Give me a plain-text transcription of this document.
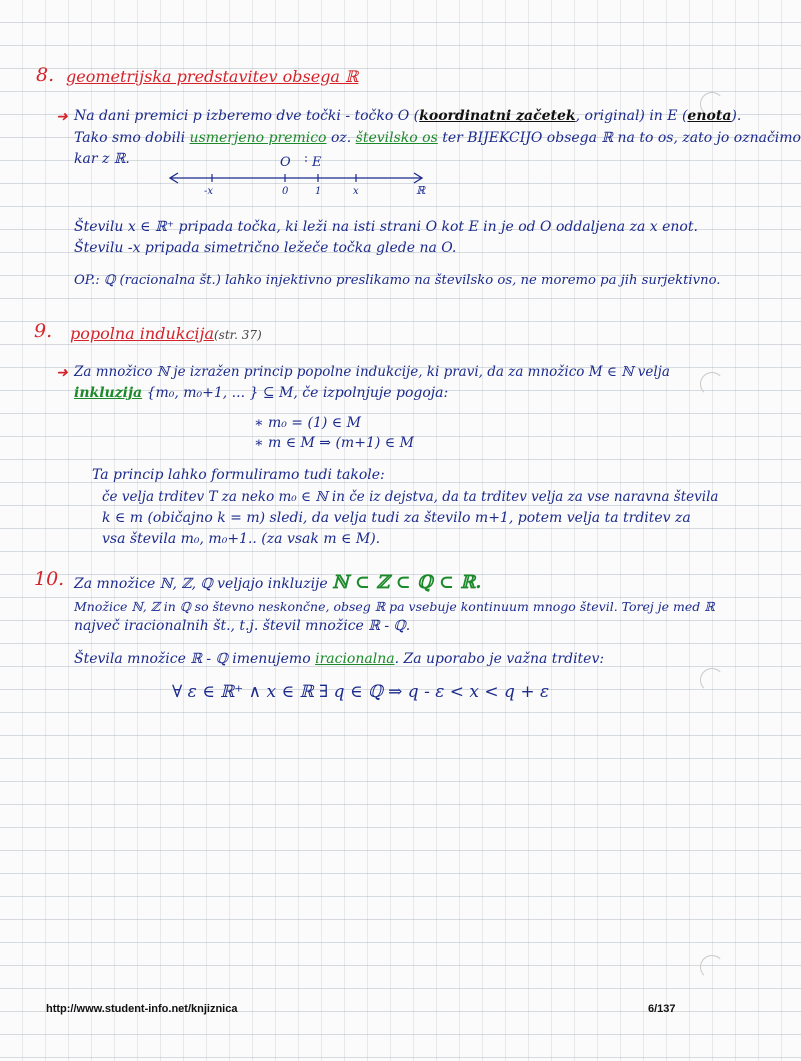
8. geometrijska predstavitev obsega ℝ
➜ Na dani premici p izberemo dve točki - točko O (koordinatni začetek, original) in E (enota).
Tako smo dobili usmerjeno premico oz. številsko os ter BIJEKCIJO obsega ℝ na to os, zato jo označimo
kar z ℝ.	O E
-x	0	1	x	ℝ
Številu x ∈ ℝ⁺ pripada točka, ki leži na isti strani O kot E in je od O oddaljena za x enot.
Številu -x pripada simetrično ležeče točka glede na O.
OP.: ℚ (racionalna št.) lahko injektivno preslikamo na številsko os, ne moremo pa jih surjektivno.
9. popolna indukcija (str. 37)
➜ Za množico ℕ je izražen princip popolne indukcije, ki pravi, da za množico M ∈ ℕ velja
inkluzija {m₀, m₀+1, ... } ⊆ M, če izpolnjuje pogoja:
∗ m₀ = (1) ∈ M
∗ m ∈ M ⇒ (m+1) ∈ M
Ta princip lahko formuliramo tudi takole:
če velja trditev T za neko m₀ ∈ ℕ in če iz dejstva, da ta trditev velja za vse naravna števila
k ∈ m (običajno k = m) sledi, da velja tudi za število m+1, potem velja ta trditev za
vsa števila m₀, m₀+1.. (za vsak m ∈ M).
10. Za množice ℕ, ℤ, ℚ veljajo inkluzije ℕ ⊂ ℤ ⊂ ℚ ⊂ ℝ.
Množice ℕ, ℤ in ℚ so števno neskončne, obseg ℝ pa vsebuje kontinuum mnogo števil. Torej je med ℝ
največ iracionalnih št., t.j. števil množice ℝ - ℚ.
Števila množice ℝ - ℚ imenujemo iracionalna. Za uporabo je važna trditev:
∀ ε ∈ ℝ⁺ ∧ x ∈ ℝ ∃ q ∈ ℚ ⇒ q - ε < x < q + ε
http://www.student-info.net/knjiznica	6/137
